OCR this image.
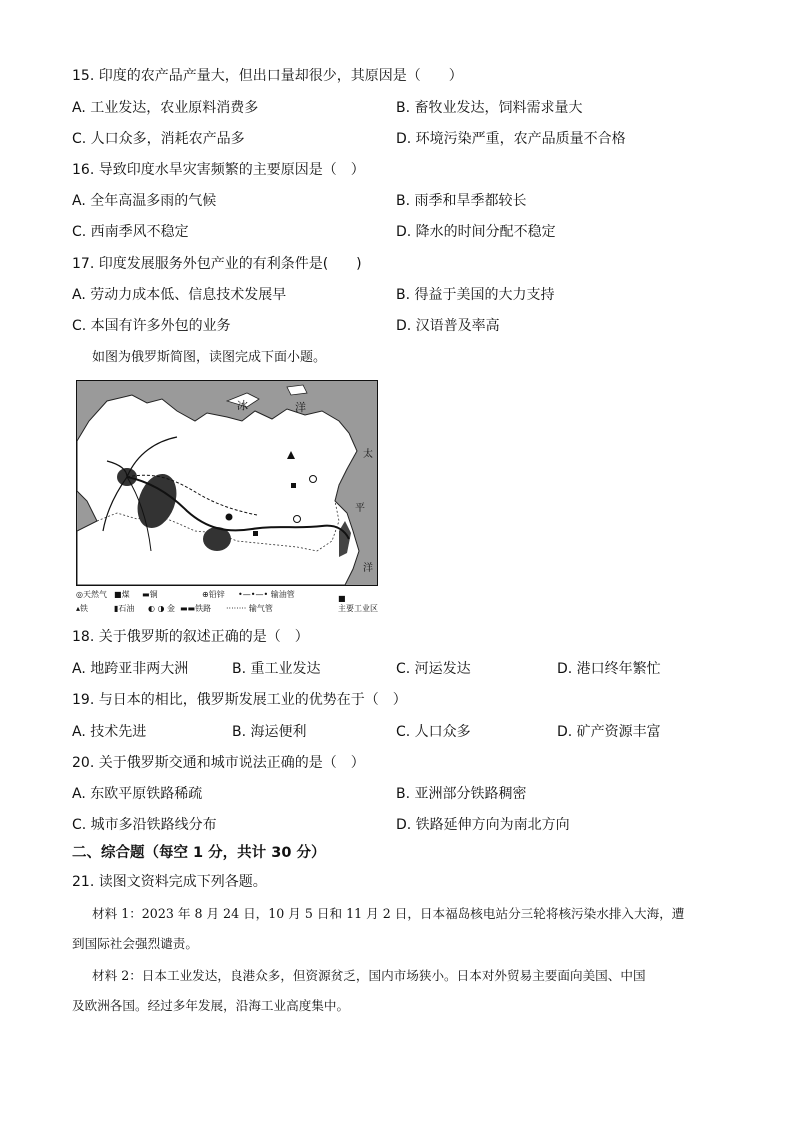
15. 印度的农产品产量大，但出口量却很少，其原因是（　　）
A. 工业发达，农业原料消费多	B. 畜牧业发达，饲料需求量大
C. 人口众多，消耗农产品多	D. 环境污染严重，农产品质量不合格
16. 导致印度水旱灾害频繁的主要原因是（　）
A. 全年高温多雨的气候	B. 雨季和旱季都较长
C. 西南季风不稳定	D. 降水的时间分配不稳定
17. 印度发展服务外包产业的有利条件是(　　)
A. 劳动力成本低、信息技术发展早	B. 得益于美国的大力支持
C. 本国有许多外包的业务	D. 汉语普及率高
如图为俄罗斯简图，读图完成下面小题。
冰	洋
太
平
洋
◎天然气 ■煤 ▬铜	⊕铅锌 •—•—• 输油管
▴铁	▮石油 ◐ ◑ 金 ▬▬铁路 ········ 输气管
■
主要工业区
18. 关于俄罗斯的叙述正确的是（　）
A. 地跨亚非两大洲	B. 重工业发达	C. 河运发达	D. 港口终年繁忙
19. 与日本的相比，俄罗斯发展工业的优势在于（　）
A. 技术先进	B. 海运便利	C. 人口众多	D. 矿产资源丰富
20. 关于俄罗斯交通和城市说法正确的是（　）
A. 东欧平原铁路稀疏	B. 亚洲部分铁路稠密
C. 城市多沿铁路线分布	D. 铁路延伸方向为南北方向
二、综合题（每空 1 分，共计 30 分）
21. 读图文资料完成下列各题。
材料 1：2023 年 8 月 24 日，10 月 5 日和 11 月 2 日，日本福岛核电站分三轮将核污染水排入大海，遭
到国际社会强烈谴责。
材料 2：日本工业发达，良港众多，但资源贫乏，国内市场狭小。日本对外贸易主要面向美国、中国
及欧洲各国。经过多年发展，沿海工业高度集中。
